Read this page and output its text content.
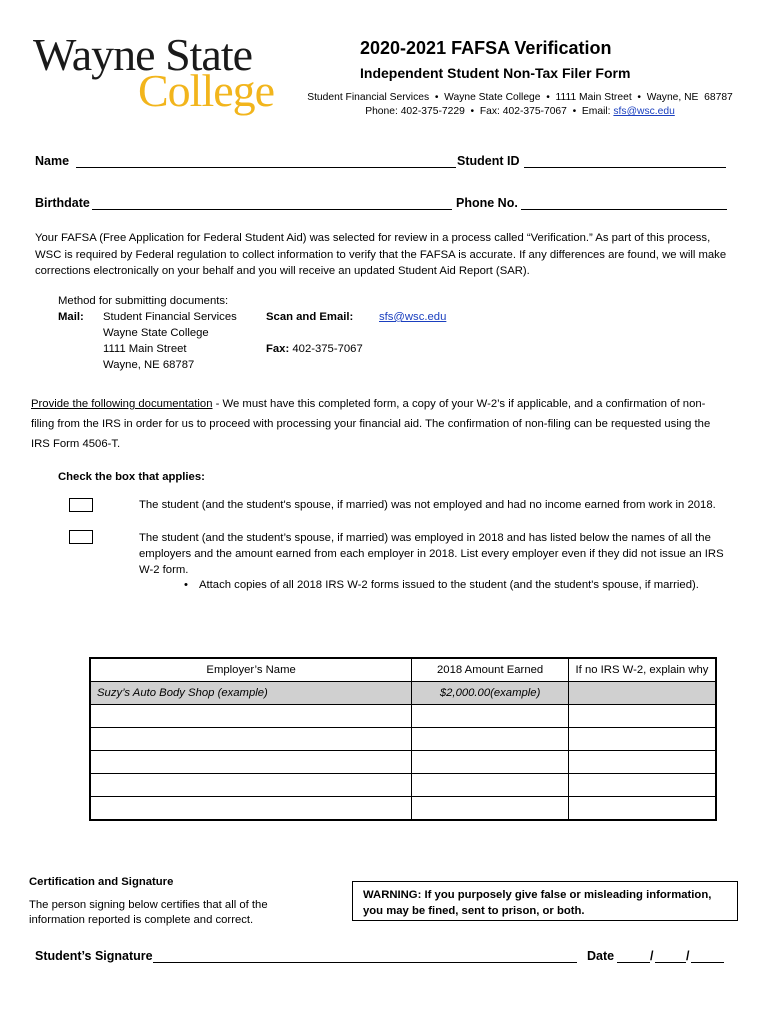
Wayne State
College
2020-2021 FAFSA Verification
Independent Student Non-Tax Filer Form
Student Financial Services  •  Wayne State College  •  1111 Main Street  •  Wayne, NE  68787
Phone: 402-375-7229  •  Fax: 402-375-7067  •  Email: sfs@wsc.edu
Name	Student ID
Birthdate	Phone No.
Your FAFSA (Free Application for Federal Student Aid) was selected for review in a process called “Verification.” As part of this process, WSC is required by Federal regulation to collect information to verify that the FAFSA is accurate. If any differences are found, we will make corrections electronically on your behalf and you will receive an updated Student Aid Report (SAR).
Method for submitting documents:
Mail: Student Financial Services
Wayne State College
1111 Main Street
Wayne, NE 68787
Scan and Email: sfs@wsc.edu
Fax: 402-375-7067
Provide the following documentation - We must have this completed form, a copy of your W-2’s if applicable, and a confirmation of non-filing from the IRS in order for us to proceed with processing your financial aid. The confirmation of non-filing can be requested using the IRS Form 4506-T.
Check the box that applies:
The student (and the student's spouse, if married) was not employed and had no income earned from work in 2018.
The student (and the student’s spouse, if married) was employed in 2018 and has listed below the names of all the employers and the amount earned from each employer in 2018. List every employer even if they did not issue an IRS W-2 form.
• Attach copies of all 2018 IRS W-2 forms issued to the student (and the student's spouse, if married).
Employer’s Name	2018 Amount Earned	If no IRS W-2, explain why
Suzy’s Auto Body Shop (example)	$2,000.00(example)	

Certification and Signature
The person signing below certifies that all of the information reported is complete and correct.
WARNING: If you purposely give false or misleading information, you may be fined, sent to prison, or both.
Student’s Signature	Date	/	/
